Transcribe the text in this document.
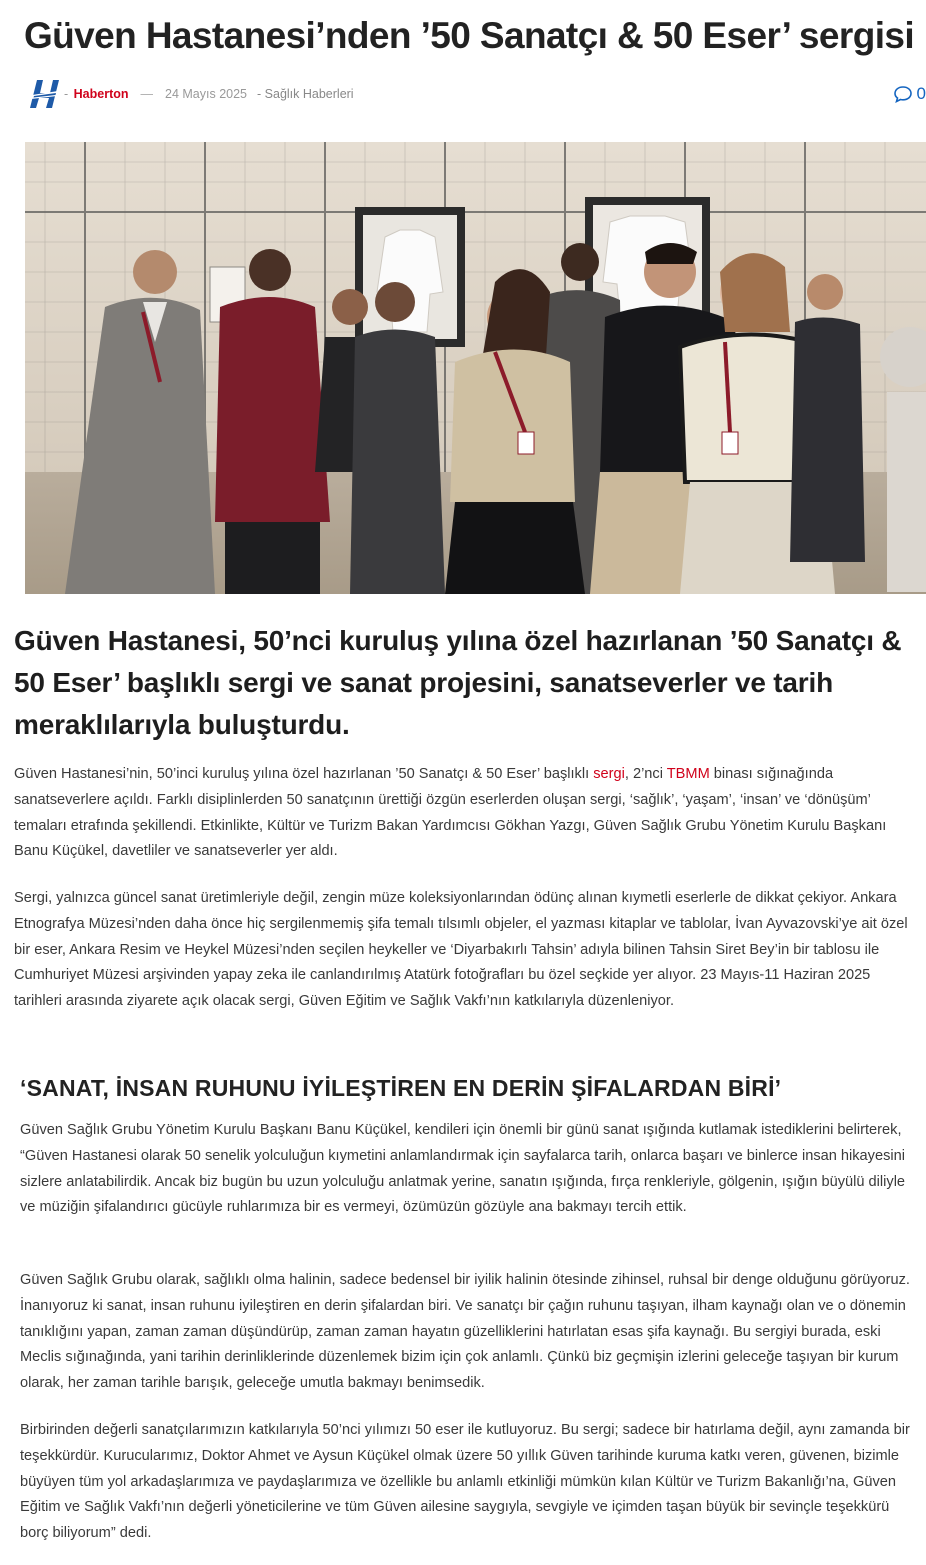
Güven Hastanesi’nden ’50 Sanatçı & 50 Eser’ sergisi
- Haberton — 24 Mayıs 2025 - Sağlık Haberleri	0
Güven Hastanesi, 50’nci kuruluş yılına özel hazırlanan ’50 Sanatçı & 50 Eser’ başlıklı sergi ve sanat projesini, sanatseverler ve tarih meraklılarıyla buluşturdu.

Güven Hastanesi’nin, 50’inci kuruluş yılına özel hazırlanan ’50 Sanatçı & 50 Eser’ başlıklı sergi, 2’nci TBMM binası sığınağında sanatseverlere açıldı. Farklı disiplinlerden 50 sanatçının ürettiği özgün eserlerden oluşan sergi, ‘sağlık’, ‘yaşam’, ‘insan’ ve ‘dönüşüm’ temaları etrafında şekillendi. Etkinlikte, Kültür ve Turizm Bakan Yardımcısı Gökhan Yazgı, Güven Sağlık Grubu Yönetim Kurulu Başkanı Banu Küçükel, davetliler ve sanatseverler yer aldı.

Sergi, yalnızca güncel sanat üretimleriyle değil, zengin müze koleksiyonlarından ödünç alınan kıymetli eserlerle de dikkat çekiyor. Ankara Etnografya Müzesi’nden daha önce hiç sergilenmemiş şifa temalı tılsımlı objeler, el yazması kitaplar ve tablolar, İvan Ayvazovski’ye ait özel bir eser, Ankara Resim ve Heykel Müzesi’nden seçilen heykeller ve ‘Diyarbakırlı Tahsin’ adıyla bilinen Tahsin Siret Bey’in bir tablosu ile Cumhuriyet Müzesi arşivinden yapay zeka ile canlandırılmış Atatürk fotoğrafları bu özel seçkide yer alıyor. 23 Mayıs-11 Haziran 2025 tarihleri arasında ziyarete açık olacak sergi, Güven Eğitim ve Sağlık Vakfı’nın katkılarıyla düzenleniyor.

‘SANAT, İNSAN RUHUNU İYİLEŞTİREN EN DERİN ŞİFALARDAN BİRİ’

Güven Sağlık Grubu Yönetim Kurulu Başkanı Banu Küçükel, kendileri için önemli bir günü sanat ışığında kutlamak istediklerini belirterek, “Güven Hastanesi olarak 50 senelik yolculuğun kıymetini anlamlandırmak için sayfalarca tarih, onlarca başarı ve binlerce insan hikayesini sizlere anlatabilirdik. Ancak biz bugün bu uzun yolculuğu anlatmak yerine, sanatın ışığında, fırça renkleriyle, gölgenin, ışığın büyülü diliyle ve müziğin şifalandırıcı gücüyle ruhlarımıza bir es vermeyi, özümüzün gözüyle ana bakmayı tercih ettik.

Güven Sağlık Grubu olarak, sağlıklı olma halinin, sadece bedensel bir iyilik halinin ötesinde zihinsel, ruhsal bir denge olduğunu görüyoruz. İnanıyoruz ki sanat, insan ruhunu iyileştiren en derin şifalardan biri. Ve sanatçı bir çağın ruhunu taşıyan, ilham kaynağı olan ve o dönemin tanıklığını yapan, zaman zaman düşündürüp, zaman zaman hayatın güzelliklerini hatırlatan esas şifa kaynağı. Bu sergiyi burada, eski Meclis sığınağında, yani tarihin derinliklerinde düzenlemek bizim için çok anlamlı. Çünkü biz geçmişin izlerini geleceğe taşıyan bir kurum olarak, her zaman tarihle barışık, geleceğe umutla bakmayı benimsedik.

Birbirinden değerli sanatçılarımızın katkılarıyla 50’nci yılımızı 50 eser ile kutluyoruz. Bu sergi; sadece bir hatırlama değil, aynı zamanda bir teşekkürdür. Kurucularımız, Doktor Ahmet ve Aysun Küçükel olmak üzere 50 yıllık Güven tarihinde kuruma katkı veren, güvenen, bizimle büyüyen tüm yol arkadaşlarımıza ve paydaşlarımıza ve özellikle bu anlamlı etkinliği mümkün kılan Kültür ve Turizm Bakanlığı’na, Güven Eğitim ve Sağlık Vakfı’nın değerli yöneticilerine ve tüm Güven ailesine saygıyla, sevgiyle ve içimden taşan büyük bir sevinçle teşekkürü borç biliyorum” dedi.
